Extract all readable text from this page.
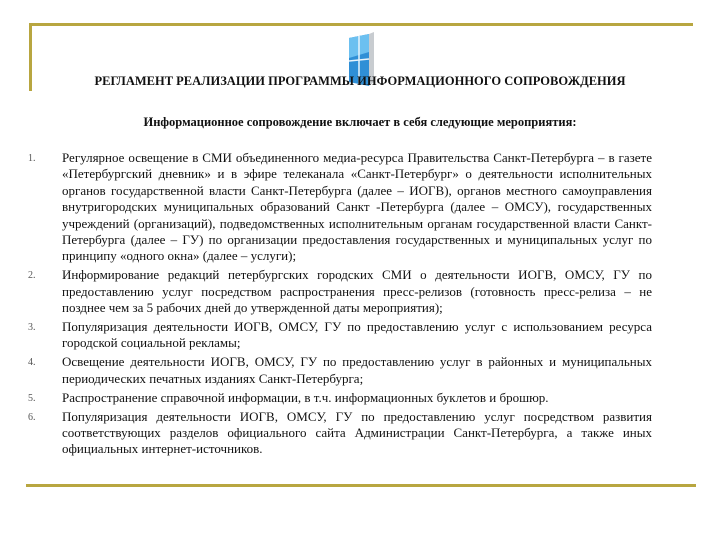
РЕГЛАМЕНТ РЕАЛИЗАЦИИ ПРОГРАММЫ ИНФОРМАЦИОННОГО СОПРОВОЖДЕНИЯ
Информационное сопровождение включает в себя следующие мероприятия:
1. Регулярное освещение в СМИ объединенного медиа-ресурса Правительства Санкт-Петербурга – в газете «Петербургский дневник» и в эфире телеканала «Санкт-Петербург» о деятельности исполнительных органов государственной власти Санкт-Петербурга (далее – ИОГВ), органов местного самоуправления внутригородских муниципальных образований Санкт -Петербурга (далее – ОМСУ), государственных учреждений (организаций), подведомственных исполнительным органам государственной власти Санкт-Петербурга (далее – ГУ) по организации предоставления государственных и муниципальных услуг по принципу «одного окна» (далее – услуги);
2. Информирование редакций петербургских городских СМИ о деятельности ИОГВ, ОМСУ, ГУ по предоставлению услуг посредством распространения пресс-релизов (готовность пресс-релиза – не позднее чем за 5 рабочих дней до утвержденной даты мероприятия);
3. Популяризация деятельности ИОГВ, ОМСУ, ГУ по предоставлению услуг с использованием ресурса городской социальной рекламы;
4. Освещение деятельности ИОГВ, ОМСУ, ГУ по предоставлению услуг в районных и муниципальных периодических печатных изданиях Санкт-Петербурга;
5. Распространение справочной информации, в т.ч. информационных буклетов и брошюр.
6. Популяризация деятельности ИОГВ, ОМСУ, ГУ по предоставлению услуг посредством развития соответствующих разделов официального сайта Администрации Санкт-Петербурга, а также иных официальных интернет-источников.
